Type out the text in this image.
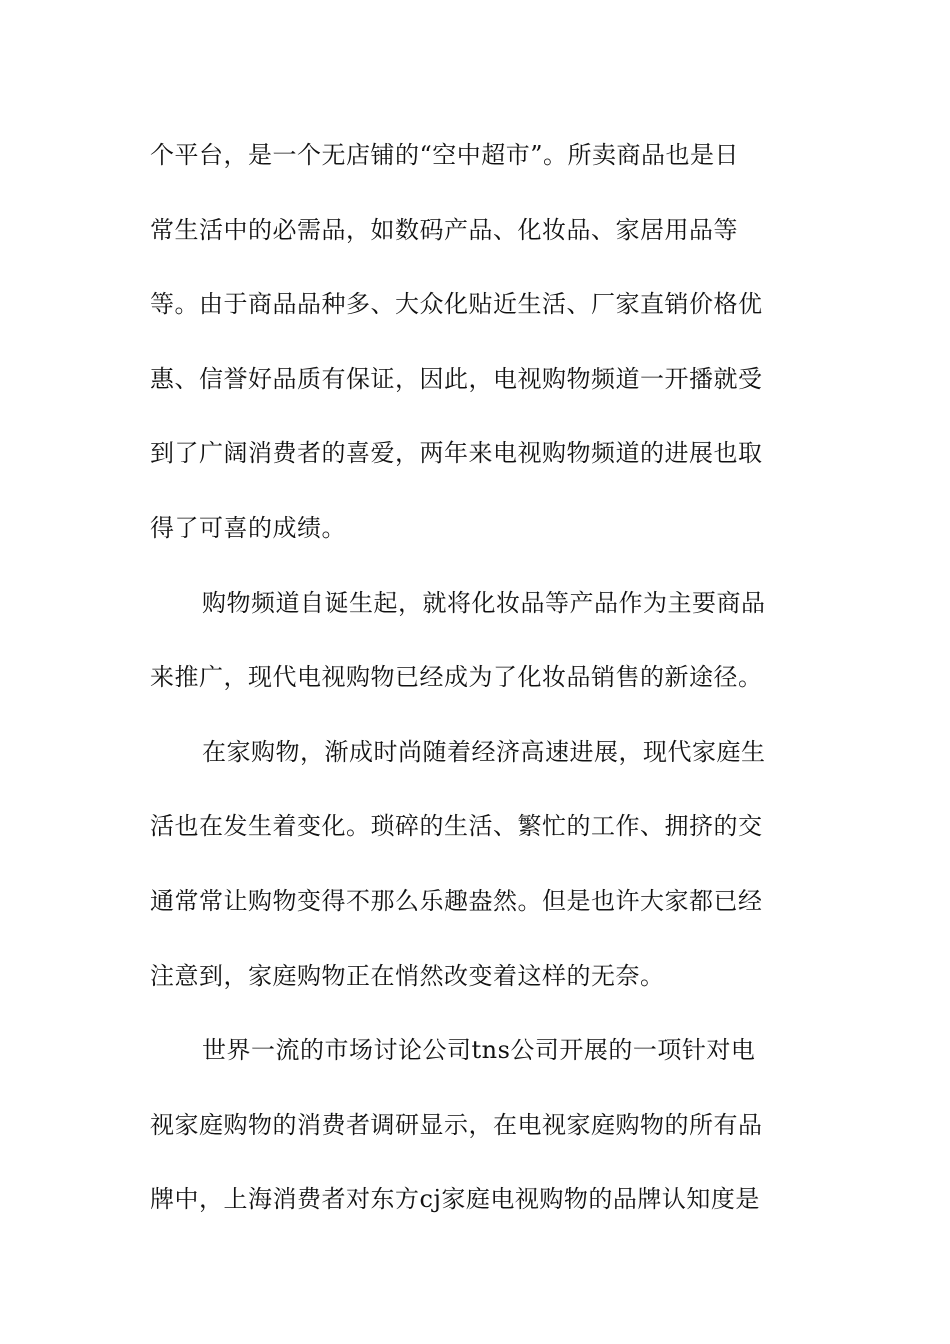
个平台，是一个无店铺的“空中超市”。所卖商品也是日
常生活中的必需品，如数码产品、化妆品、家居用品等
等。由于商品品种多、大众化贴近生活、厂家直销价格优
惠、信誉好品质有保证，因此，电视购物频道一开播就受
到了广阔消费者的喜爱，两年来电视购物频道的进展也取
得了可喜的成绩。
购物频道自诞生起，就将化妆品等产品作为主要商品
来推广，现代电视购物已经成为了化妆品销售的新途径。
在家购物，渐成时尚随着经济高速进展，现代家庭生
活也在发生着变化。琐碎的生活、繁忙的工作、拥挤的交
通常常让购物变得不那么乐趣盎然。但是也许大家都已经
注意到，家庭购物正在悄然改变着这样的无奈。
世界一流的市场讨论公司tns公司开展的一项针对电
视家庭购物的消费者调研显示，在电视家庭购物的所有品
牌中，上海消费者对东方cj家庭电视购物的品牌认知度是
